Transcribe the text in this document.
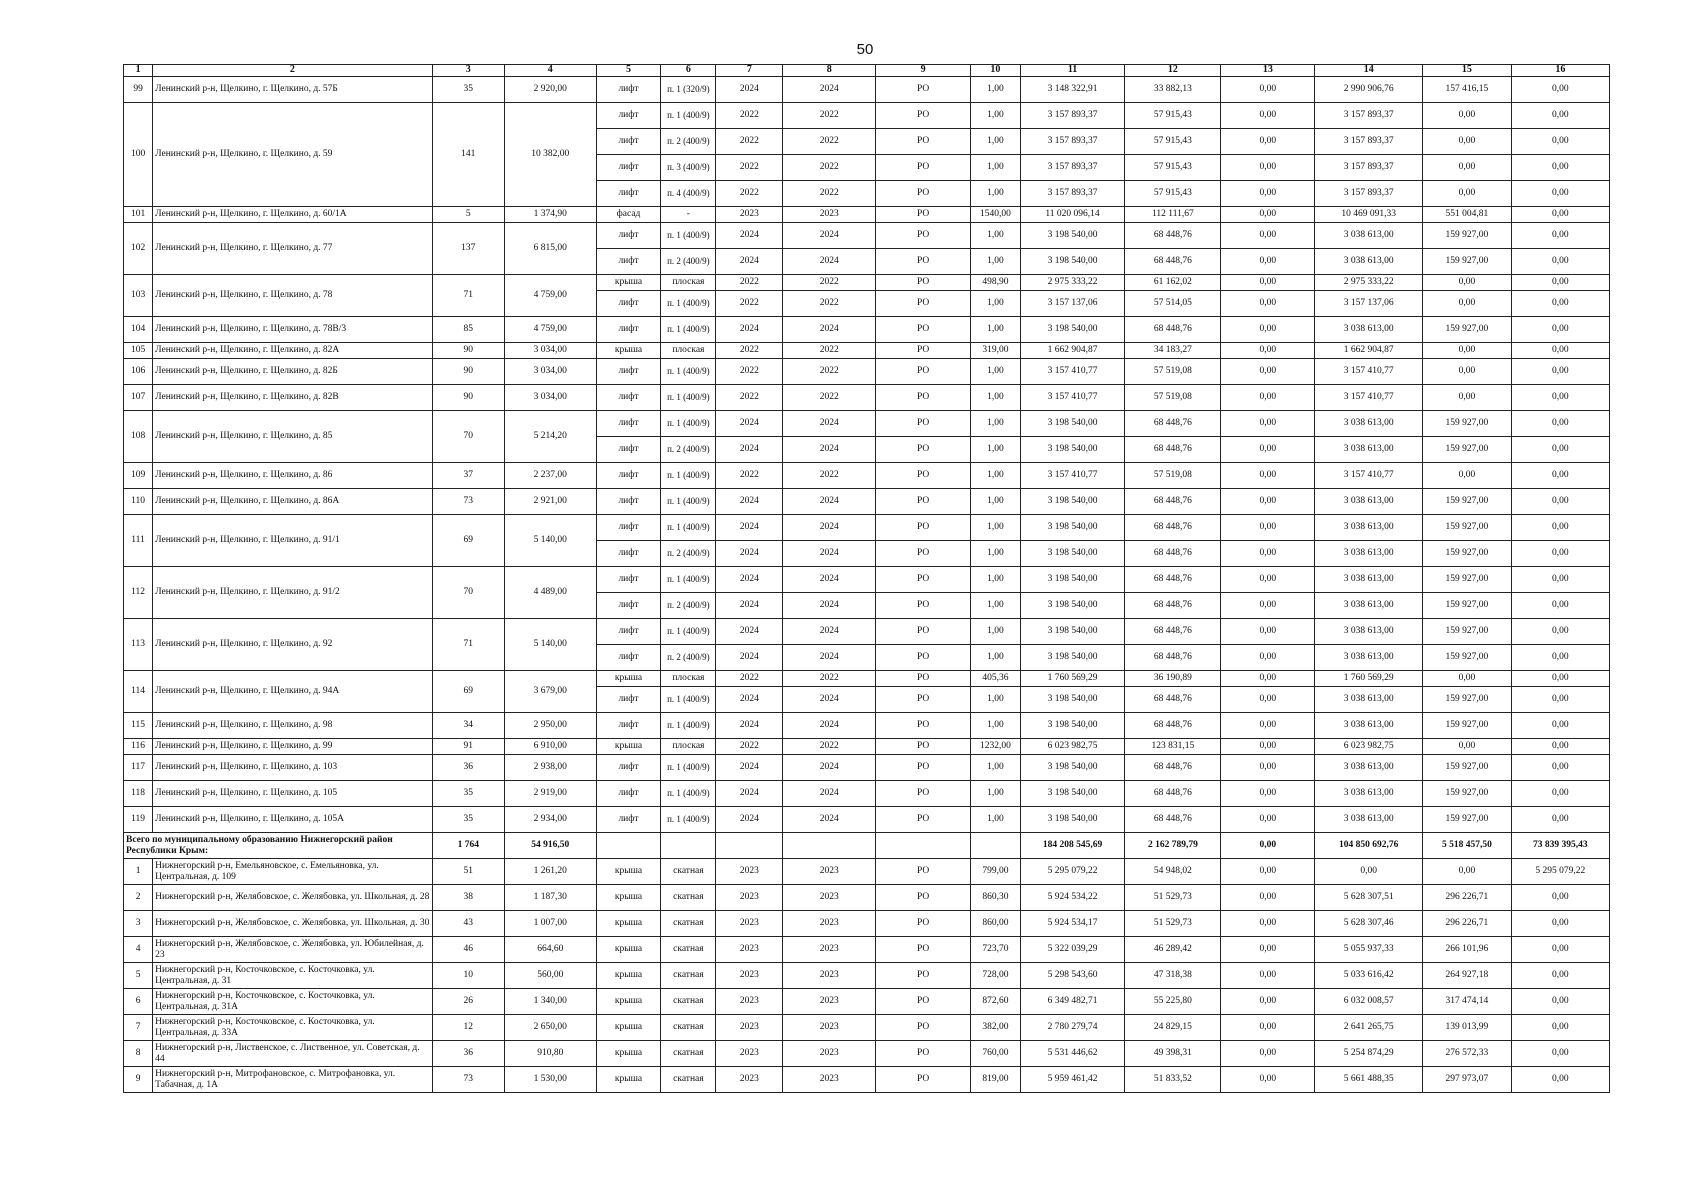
50
1	2	3	4	5	6	7	8	9	10	11	12	13	14	15	16
99	Ленинский р-н, Щелкино, г. Щелкино, д. 57Б	35	2 920,00	лифт	п. 1 (320/9)	2024	2024	РО	1,00	3 148 322,91	33 882,13	0,00	2 990 906,76	157 416,15	0,00
100	Ленинский р-н, Щелкино, г. Щелкино, д. 59	141	10 382,00	лифт	п. 1 (400/9)	2022	2022	РО	1,00	3 157 893,37	57 915,43	0,00	3 157 893,37	0,00	0,00
				лифт	п. 2 (400/9)	2022	2022	РО	1,00	3 157 893,37	57 915,43	0,00	3 157 893,37	0,00	0,00
				лифт	п. 3 (400/9)	2022	2022	РО	1,00	3 157 893,37	57 915,43	0,00	3 157 893,37	0,00	0,00
				лифт	п. 4 (400/9)	2022	2022	РО	1,00	3 157 893,37	57 915,43	0,00	3 157 893,37	0,00	0,00
101	Ленинский р-н, Щелкино, г. Щелкино, д. 60/1А	5	1 374,90	фасад	-	2023	2023	РО	1540,00	11 020 096,14	112 111,67	0,00	10 469 091,33	551 004,81	0,00
102	Ленинский р-н, Щелкино, г. Щелкино, д. 77	137	6 815,00	лифт	п. 1 (400/9)	2024	2024	РО	1,00	3 198 540,00	68 448,76	0,00	3 038 613,00	159 927,00	0,00
				лифт	п. 2 (400/9)	2024	2024	РО	1,00	3 198 540,00	68 448,76	0,00	3 038 613,00	159 927,00	0,00
103	Ленинский р-н, Щелкино, г. Щелкино, д. 78	71	4 759,00	крыша	плоская	2022	2022	РО	498,90	2 975 333,22	61 162,02	0,00	2 975 333,22	0,00	0,00
				лифт	п. 1 (400/9)	2022	2022	РО	1,00	3 157 137,06	57 514,05	0,00	3 157 137,06	0,00	0,00
104	Ленинский р-н, Щелкино, г. Щелкино, д. 78В/3	85	4 759,00	лифт	п. 1 (400/9)	2024	2024	РО	1,00	3 198 540,00	68 448,76	0,00	3 038 613,00	159 927,00	0,00
105	Ленинский р-н, Щелкино, г. Щелкино, д. 82А	90	3 034,00	крыша	плоская	2022	2022	РО	319,00	1 662 904,87	34 183,27	0,00	1 662 904,87	0,00	0,00
106	Ленинский р-н, Щелкино, г. Щелкино, д. 82Б	90	3 034,00	лифт	п. 1 (400/9)	2022	2022	РО	1,00	3 157 410,77	57 519,08	0,00	3 157 410,77	0,00	0,00
107	Ленинский р-н, Щелкино, г. Щелкино, д. 82В	90	3 034,00	лифт	п. 1 (400/9)	2022	2022	РО	1,00	3 157 410,77	57 519,08	0,00	3 157 410,77	0,00	0,00
108	Ленинский р-н, Щелкино, г. Щелкино, д. 85	70	5 214,20	лифт	п. 1 (400/9)	2024	2024	РО	1,00	3 198 540,00	68 448,76	0,00	3 038 613,00	159 927,00	0,00
				лифт	п. 2 (400/9)	2024	2024	РО	1,00	3 198 540,00	68 448,76	0,00	3 038 613,00	159 927,00	0,00
109	Ленинский р-н, Щелкино, г. Щелкино, д. 86	37	2 237,00	лифт	п. 1 (400/9)	2022	2022	РО	1,00	3 157 410,77	57 519,08	0,00	3 157 410,77	0,00	0,00
110	Ленинский р-н, Щелкино, г. Щелкино, д. 86А	73	2 921,00	лифт	п. 1 (400/9)	2024	2024	РО	1,00	3 198 540,00	68 448,76	0,00	3 038 613,00	159 927,00	0,00
111	Ленинский р-н, Щелкино, г. Щелкино, д. 91/1	69	5 140,00	лифт	п. 1 (400/9)	2024	2024	РО	1,00	3 198 540,00	68 448,76	0,00	3 038 613,00	159 927,00	0,00
				лифт	п. 2 (400/9)	2024	2024	РО	1,00	3 198 540,00	68 448,76	0,00	3 038 613,00	159 927,00	0,00
112	Ленинский р-н, Щелкино, г. Щелкино, д. 91/2	70	4 489,00	лифт	п. 1 (400/9)	2024	2024	РО	1,00	3 198 540,00	68 448,76	0,00	3 038 613,00	159 927,00	0,00
				лифт	п. 2 (400/9)	2024	2024	РО	1,00	3 198 540,00	68 448,76	0,00	3 038 613,00	159 927,00	0,00
113	Ленинский р-н, Щелкино, г. Щелкино, д. 92	71	5 140,00	лифт	п. 1 (400/9)	2024	2024	РО	1,00	3 198 540,00	68 448,76	0,00	3 038 613,00	159 927,00	0,00
				лифт	п. 2 (400/9)	2024	2024	РО	1,00	3 198 540,00	68 448,76	0,00	3 038 613,00	159 927,00	0,00
114	Ленинский р-н, Щелкино, г. Щелкино, д. 94А	69	3 679,00	крыша	плоская	2022	2022	РО	405,36	1 760 569,29	36 190,89	0,00	1 760 569,29	0,00	0,00
				лифт	п. 1 (400/9)	2024	2024	РО	1,00	3 198 540,00	68 448,76	0,00	3 038 613,00	159 927,00	0,00
115	Ленинский р-н, Щелкино, г. Щелкино, д. 98	34	2 950,00	лифт	п. 1 (400/9)	2024	2024	РО	1,00	3 198 540,00	68 448,76	0,00	3 038 613,00	159 927,00	0,00
116	Ленинский р-н, Щелкино, г. Щелкино, д. 99	91	6 910,00	крыша	плоская	2022	2022	РО	1232,00	6 023 982,75	123 831,15	0,00	6 023 982,75	0,00	0,00
117	Ленинский р-н, Щелкино, г. Щелкино, д. 103	36	2 938,00	лифт	п. 1 (400/9)	2024	2024	РО	1,00	3 198 540,00	68 448,76	0,00	3 038 613,00	159 927,00	0,00
118	Ленинский р-н, Щелкино, г. Щелкино, д. 105	35	2 919,00	лифт	п. 1 (400/9)	2024	2024	РО	1,00	3 198 540,00	68 448,76	0,00	3 038 613,00	159 927,00	0,00
119	Ленинский р-н, Щелкино, г. Щелкино, д. 105А	35	2 934,00	лифт	п. 1 (400/9)	2024	2024	РО	1,00	3 198 540,00	68 448,76	0,00	3 038 613,00	159 927,00	0,00
Всего по муниципальному образованию Нижнегорский район Республики Крым:		1 764	54 916,50							184 208 545,69	2 162 789,79	0,00	104 850 692,76	5 518 457,50	73 839 395,43
1	Нижнегорский р-н, Емельяновское, с. Емельяновка, ул. Центральная, д. 109	51	1 261,20	крыша	скатная	2023	2023	РО	799,00	5 295 079,22	54 948,02	0,00	0,00	0,00	5 295 079,22
2	Нижнегорский р-н, Желябовское, с. Желябовка, ул. Школьная, д. 28	38	1 187,30	крыша	скатная	2023	2023	РО	860,30	5 924 534,22	51 529,73	0,00	5 628 307,51	296 226,71	0,00
3	Нижнегорский р-н, Желябовское, с. Желябовка, ул. Школьная, д. 30	43	1 007,00	крыша	скатная	2023	2023	РО	860,00	5 924 534,17	51 529,73	0,00	5 628 307,46	296 226,71	0,00
4	Нижнегорский р-н, Желябовское, с. Желябовка, ул. Юбилейная, д. 23	46	664,60	крыша	скатная	2023	2023	РО	723,70	5 322 039,29	46 289,42	0,00	5 055 937,33	266 101,96	0,00
5	Нижнегорский р-н, Косточковское, с. Косточковка, ул. Центральная, д. 31	10	560,00	крыша	скатная	2023	2023	РО	728,00	5 298 543,60	47 318,38	0,00	5 033 616,42	264 927,18	0,00
6	Нижнегорский р-н, Косточковское, с. Косточковка, ул. Центральная, д. 31А	26	1 340,00	крыша	скатная	2023	2023	РО	872,60	6 349 482,71	55 225,80	0,00	6 032 008,57	317 474,14	0,00
7	Нижнегорский р-н, Косточковское, с. Косточковка, ул. Центральная, д. 33А	12	2 650,00	крыша	скатная	2023	2023	РО	382,00	2 780 279,74	24 829,15	0,00	2 641 265,75	139 013,99	0,00
8	Нижнегорский р-н, Лиственское, с. Лиственное, ул. Советская, д. 44	36	910,80	крыша	скатная	2023	2023	РО	760,00	5 531 446,62	49 398,31	0,00	5 254 874,29	276 572,33	0,00
9	Нижнегорский р-н, Митрофановское, с. Митрофановка, ул. Табачная, д. 1А	73	1 530,00	крыша	скатная	2023	2023	РО	819,00	5 959 461,42	51 833,52	0,00	5 661 488,35	297 973,07	0,00
